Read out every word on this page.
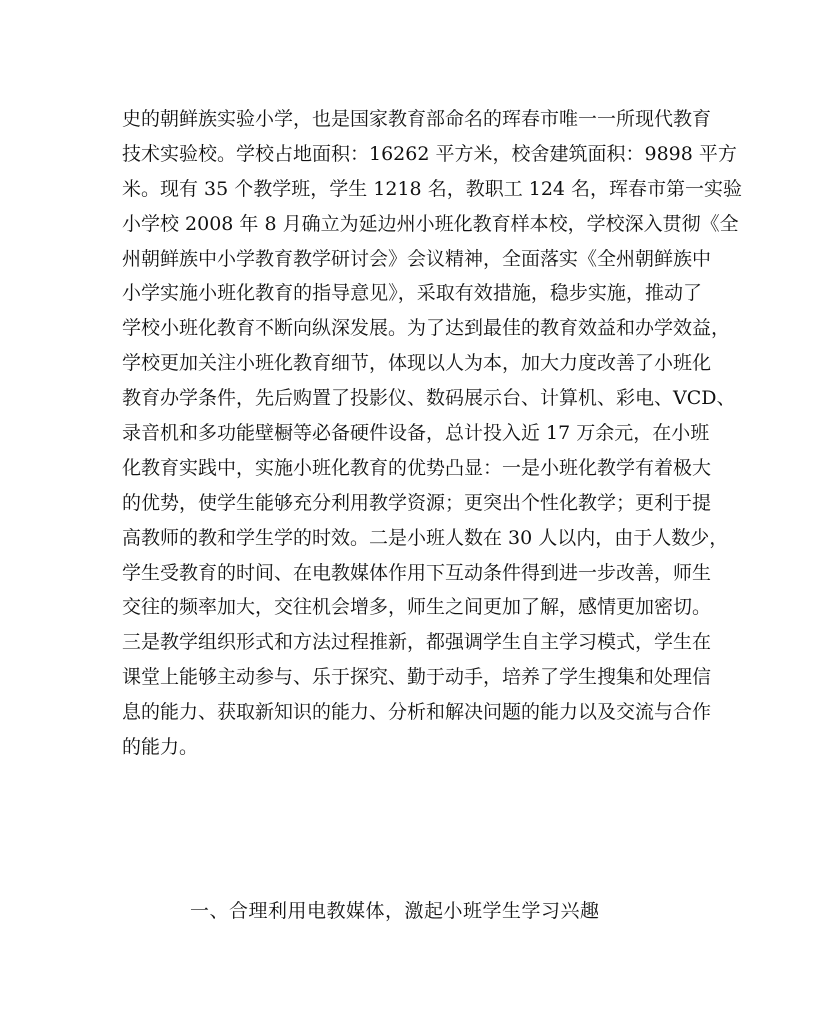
史的朝鲜族实验小学，也是国家教育部命名的珲春市唯一一所现代教育
技术实验校。学校占地面积：16262 平方米，校舍建筑面积：9898 平方
米。现有 35 个教学班，学生 1218 名，教职工 124 名，珲春市第一实验
小学校 2008 年 8 月确立为延边州小班化教育样本校，学校深入贯彻《全
州朝鲜族中小学教育教学研讨会》会议精神，全面落实《全州朝鲜族中
小学实施小班化教育的指导意见》，采取有效措施，稳步实施，推动了
学校小班化教育不断向纵深发展。为了达到最佳的教育效益和办学效益，
学校更加关注小班化教育细节，体现以人为本，加大力度改善了小班化
教育办学条件，先后购置了投影仪、数码展示台、计算机、彩电、VCD、
录音机和多功能壁橱等必备硬件设备，总计投入近 17 万余元，在小班
化教育实践中，实施小班化教育的优势凸显：一是小班化教学有着极大
的优势，使学生能够充分利用教学资源；更突出个性化教学；更利于提
高教师的教和学生学的时效。二是小班人数在 30 人以内，由于人数少，
学生受教育的时间、在电教媒体作用下互动条件得到进一步改善，师生
交往的频率加大，交往机会增多，师生之间更加了解，感情更加密切。
三是教学组织形式和方法过程推新，都强调学生自主学习模式，学生在
课堂上能够主动参与、乐于探究、勤于动手，培养了学生搜集和处理信
息的能力、获取新知识的能力、分析和解决问题的能力以及交流与合作
的能力。
一、合理利用电教媒体，激起小班学生学习兴趣
